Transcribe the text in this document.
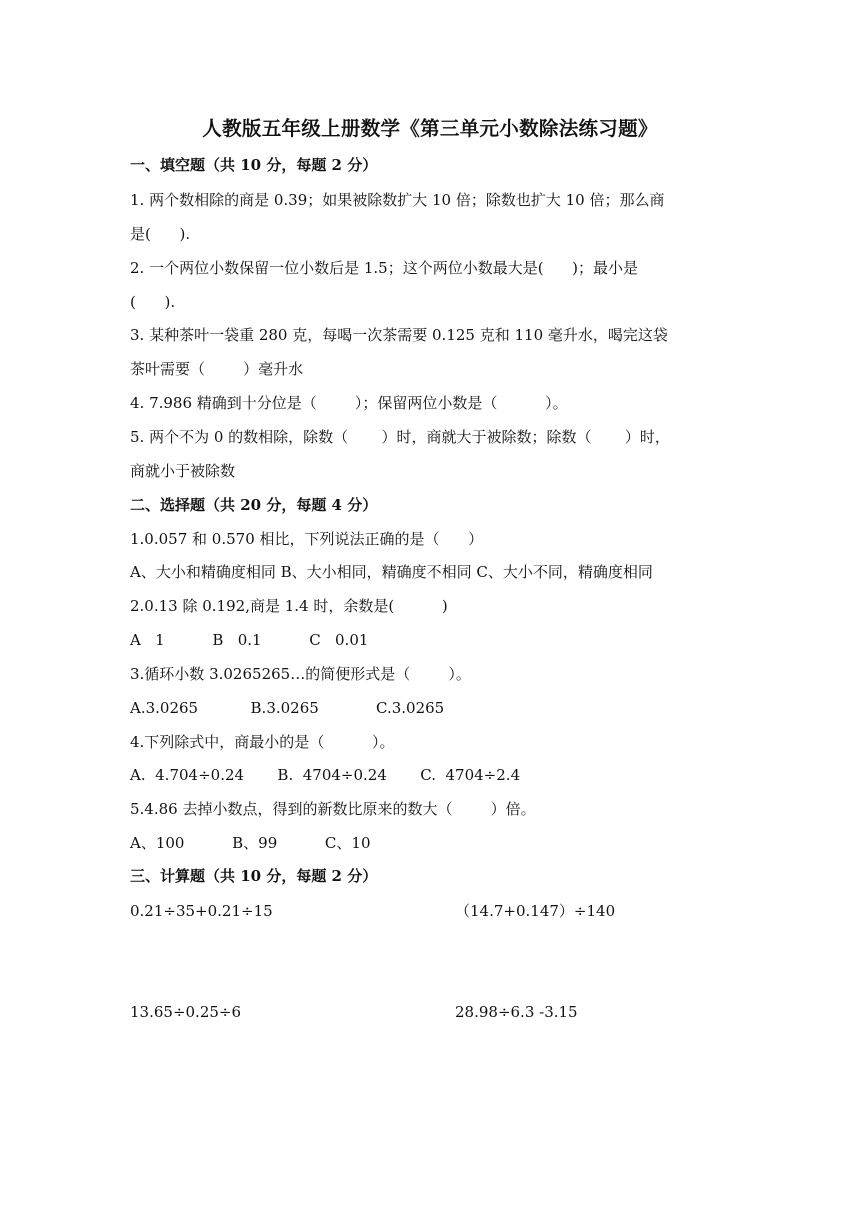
人教版五年级上册数学《第三单元小数除法练习题》
一、填空题（共 10 分，每题 2 分）
1. 两个数相除的商是 0.39；如果被除数扩大 10 倍；除数也扩大 10 倍；那么商
是(      ).
2. 一个两位小数保留一位小数后是 1.5；这个两位小数最大是(      )；最小是
(      ).
3. 某种茶叶一袋重 280 克，每喝一次茶需要 0.125 克和 110 毫升水，喝完这袋
茶叶需要（        ）毫升水
4. 7.986 精确到十分位是（        ）；保留两位小数是（          ）。
5. 两个不为 0 的数相除，除数（       ）时，商就大于被除数；除数（       ）时，
商就小于被除数
二、选择题（共 20 分，每题 4 分）
1.0.057 和 0.570 相比，下列说法正确的是（      ）
A、大小和精确度相同 B、大小相同，精确度不相同 C、大小不同，精确度相同
2.0.13 除 0.192,商是 1.4 时，余数是(          )
A   1          B   0.1          C   0.01
3.循环小数 3.0265265…的简便形式是（        ）。
A.3.0265           B.3.0265            C.3.0265
4.下列除式中，商最小的是（          ）。
A.  4.704÷0.24       B.  4704÷0.24       C.  4704÷2.4
5.4.86 去掉小数点，得到的新数比原来的数大（        ）倍。
A、100          B、99          C、10
三、计算题（共 10 分，每题 2 分）
0.21÷35+0.21÷15	（14.7+0.147）÷140
13.65÷0.25÷6	28.98÷6.3 -3.15
